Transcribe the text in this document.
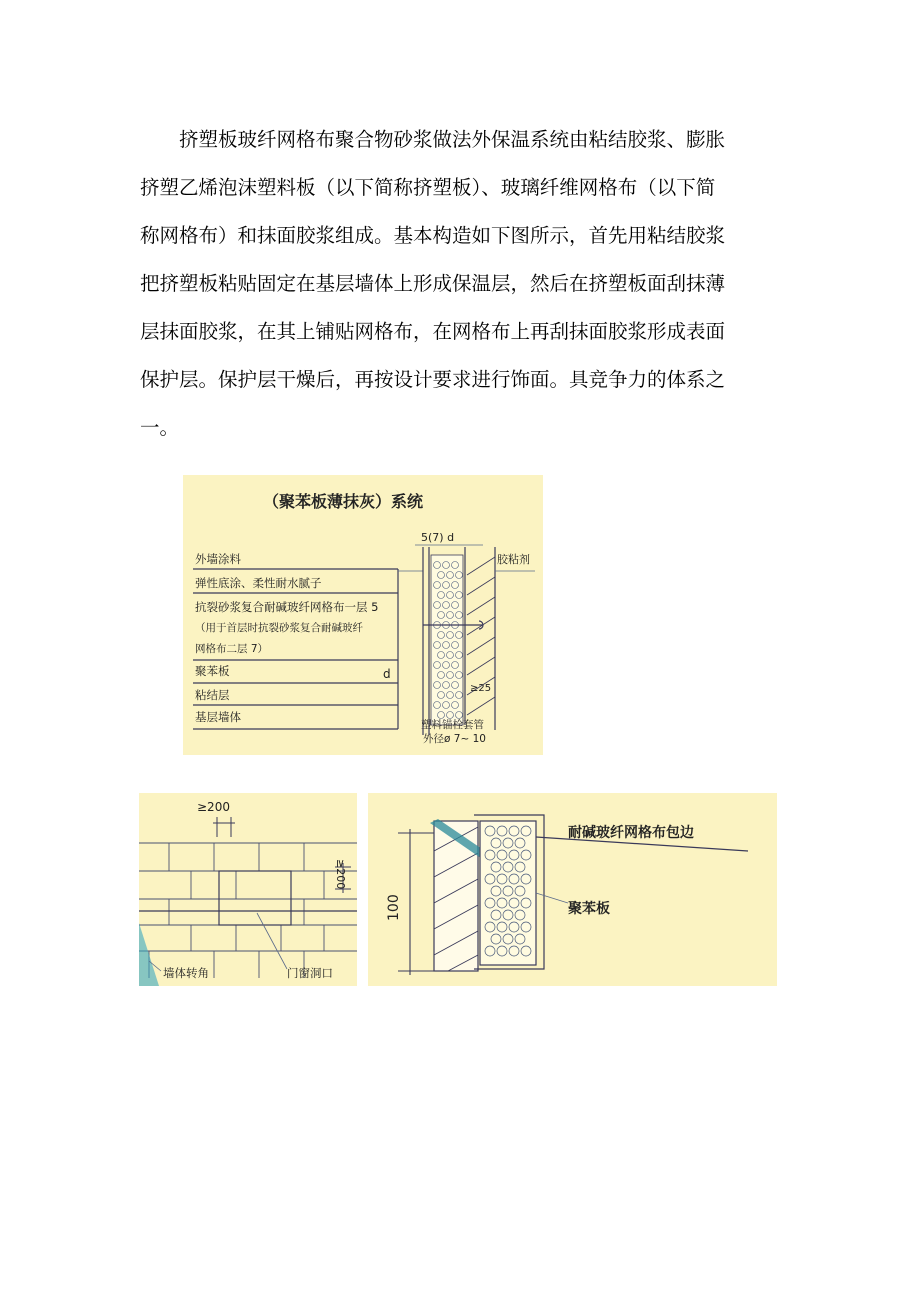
挤塑板玻纤网格布聚合物砂浆做法外保温系统由粘结胶浆、膨胀
挤塑乙烯泡沫塑料板（以下简称挤塑板）、玻璃纤维网格布（以下简
称网格布）和抹面胶浆组成。基本构造如下图所示，首先用粘结胶浆
把挤塑板粘贴固定在基层墙体上形成保温层，然后在挤塑板面刮抹薄
层抹面胶浆，在其上铺贴网格布，在网格布上再刮抹面胶浆形成表面
保护层。保护层干燥后，再按设计要求进行饰面。具竞争力的体系之
一。

（聚苯板薄抹灰）系统
外墙涂料
弹性底涂、柔性耐水腻子
抗裂砂浆复合耐碱玻纤网格布一层 5
（用于首层时抗裂砂浆复合耐碱玻纤
网格布二层 7）
聚苯板	d
粘结层
基层墙体
5(7) d
胶粘剂
≥25
塑料锚栓套管
外径ø 7~ 10
≥200
≥200
墙体转角	门窗洞口
100
耐碱玻纤网格布包边
聚苯板
